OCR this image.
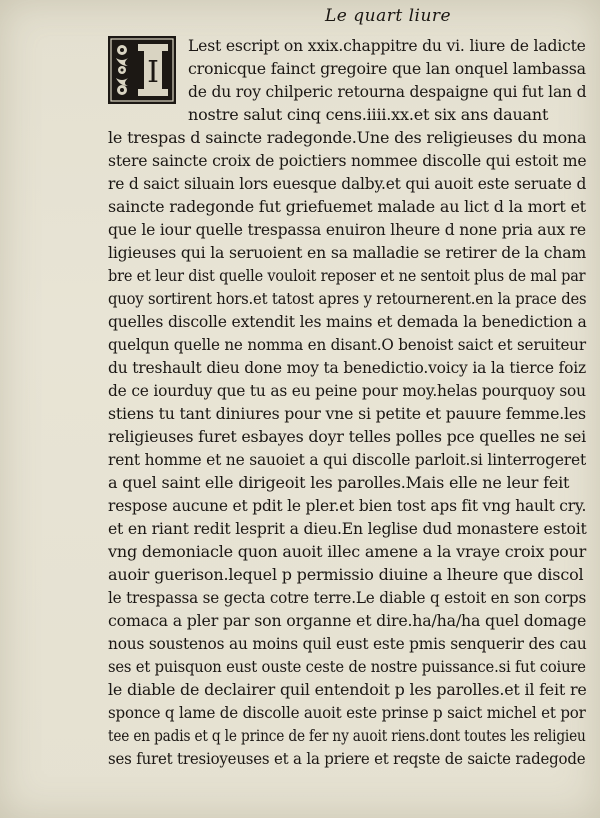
Le quart liure
I
Lest escript on xxix.chappitre du vi. liure de ladicte
cronicque fainct gregoire que lan onquel lambassa
de du roy chilperic retourna despaigne qui fut lan d
nostre salut cinq cens.iiii.xx.et six ans dauant
le trespas d saincte radegonde.Une des religieuses du mona
stere saincte croix de poictiers nommee discolle qui estoit me
re d saict siluain lors euesque dalby.et qui auoit este seruate d
saincte radegonde fut griefuemet malade au lict d la mort et
que le iour quelle trespassa enuiron lheure d none pria aux re
ligieuses qui la seruoient en sa malladie se retirer de la cham
bre et leur dist quelle vouloit reposer et ne sentoit plus de mal par
quoy sortirent hors.et tatost apres y retournerent.en la prace des
quelles discolle extendit les mains et demada la benediction a
quelqun quelle ne nomma en disant.O benoist saict et seruiteur
du treshault dieu done moy ta benedictio.voicy ia la tierce foiz
de ce iourduy que tu as eu peine pour moy.helas pourquoy sou
stiens tu tant diniures pour vne si petite et pauure femme.les
religieuses furet esbayes doyr telles polles pce quelles ne sei
rent homme et ne sauoiet a qui discolle parloit.si linterrogeret
a quel saint elle dirigeoit les parolles.Mais elle ne leur feit
respose aucune et pdit le pler.et bien tost aps fit vng hault cry.
et en riant redit lesprit a dieu.En leglise dud monastere estoit
vng demoniacle quon auoit illec amene a la vraye croix pour
auoir guerison.lequel p permissio diuine a lheure que discol
le trespassa se gecta cotre terre.Le diable q estoit en son corps
comaca a pler par son organne et dire.ha/ha/ha quel domage
nous soustenos au moins quil eust este pmis senquerir des cau
ses et puisquon eust ouste ceste de nostre puissance.si fut coiure
le diable de declairer quil entendoit p les parolles.et il feit re
sponce q lame de discolle auoit este prinse p saict michel et por
tee en padis et q le prince de fer ny auoit riens.dont toutes les religieu
ses furet tresioyeuses et a la priere et reqste de saicte radegode
